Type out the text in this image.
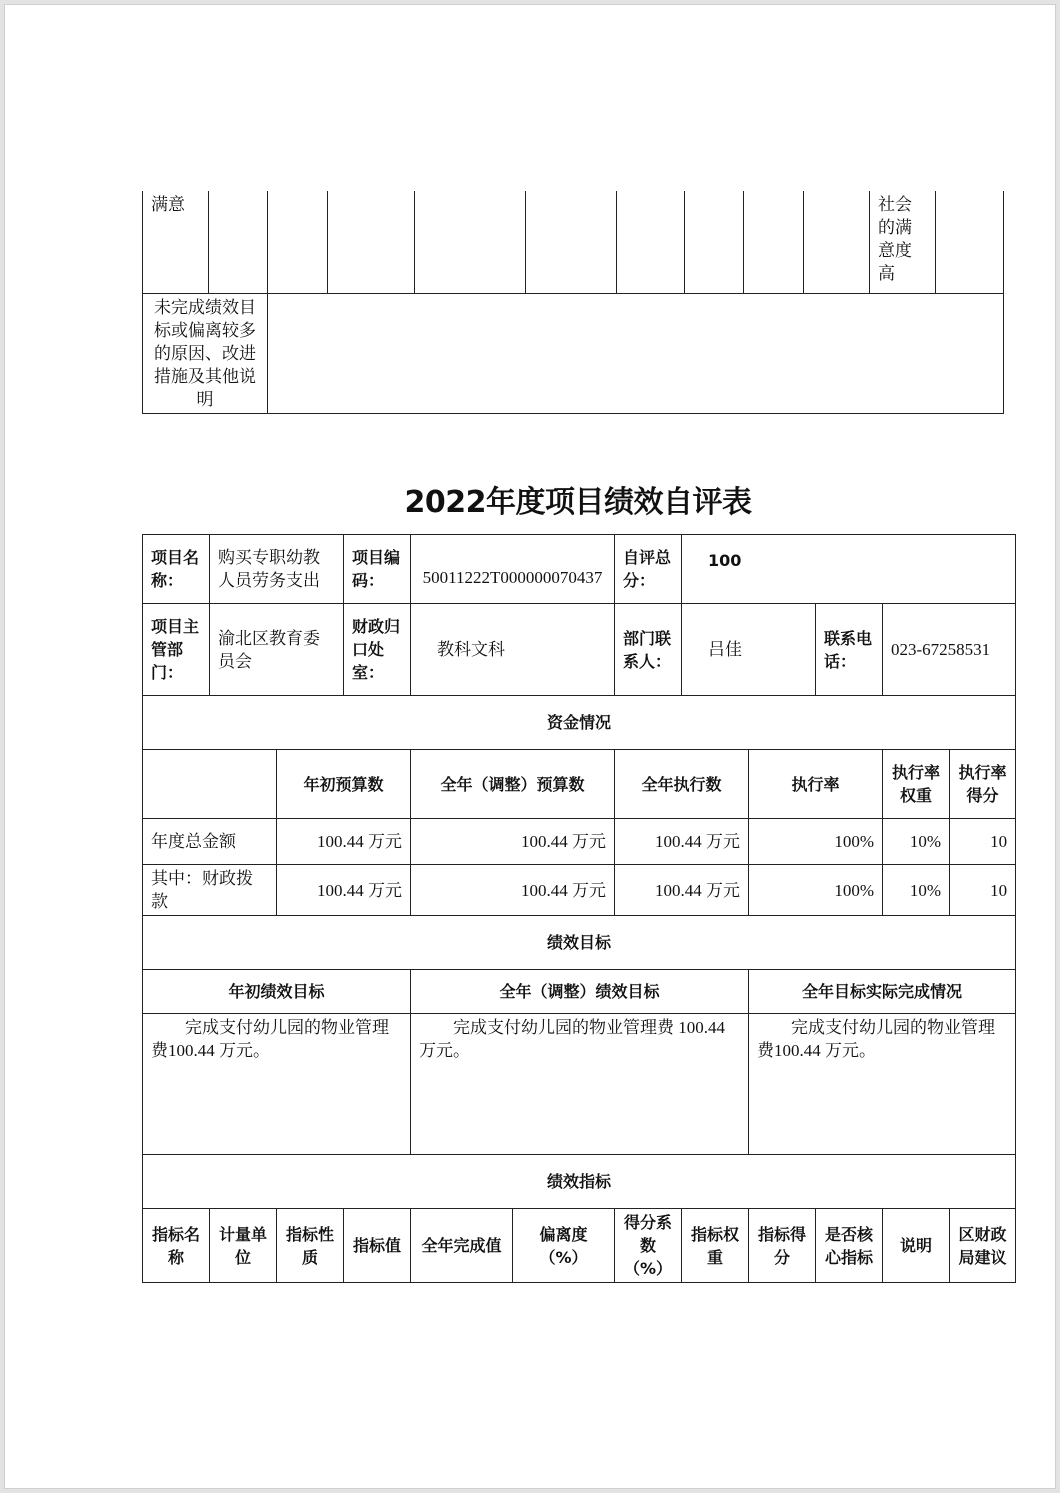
满意										社会的满意度高	
未完成绩效目标或偏离较多的原因、改进措施及其他说明											
2022年度项目绩效自评表
项目名称：	购买专职幼教人员劳务支出		项目编码：	50011222T000000070437		自评总分：	100				
项目主管部门：	渝北区教育委员会		财政归口处室：	教科文科		部门联系人：	吕佳		联系电话：	023-67258531	
资金情况											
		年初预算数		全年（调整）预算数		全年执行数		执行率		执行率权重	执行率得分
年度总金额		100.44 万元		100.44 万元		100.44 万元		100%		10%	10
其中：财政拨款		100.44 万元		100.44 万元		100.44 万元		100%		10%	10
绩效目标											
年初绩效目标				全年（调整）绩效目标				全年目标实际完成情况			
完成支付幼儿园的物业管理费100.44 万元。				完成支付幼儿园的物业管理费 100.44 万元。				完成支付幼儿园的物业管理费100.44 万元。			
绩效指标											
指标名称	计量单位	指标性质	指标值	全年完成值	偏离度（%）	得分系数（%）	指标权重	指标得分	是否核心指标	说明	区财政局建议
